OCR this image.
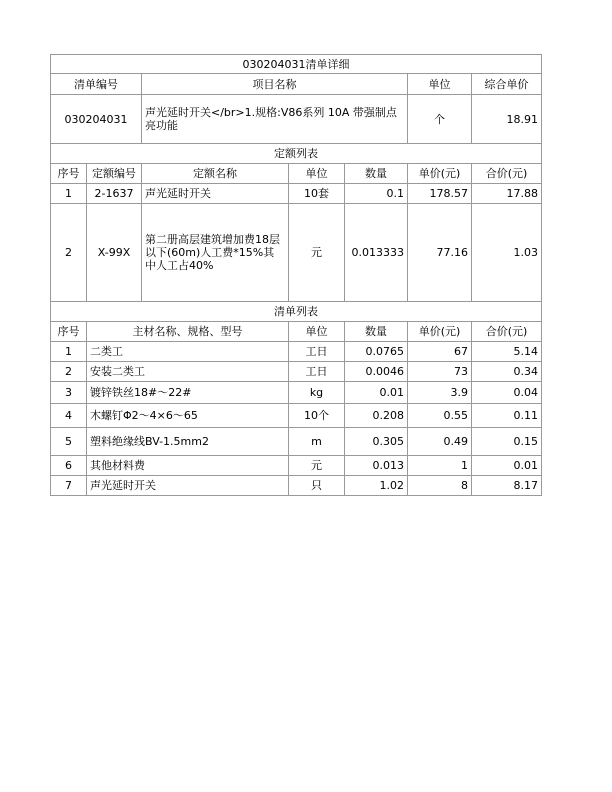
030204031清单详细						
清单编号		项目名称			单位	综合单价
030204031		声光延时开关</br>1.规格:V86系列 10A 带强制点亮功能			个	18.91
定额列表						
序号	定额编号	定额名称	单位	数量	单价(元)	合价(元)
1	2-1637	声光延时开关	10套	0.1	178.57	17.88
2	X-99X	第二册高层建筑增加费18层以下(60m)人工费*15%其中人工占40%	元	0.013333	77.16	1.03
清单列表						
序号	主材名称、规格、型号	单位	数量	单价(元)	合价(元)
1	二类工	工日	0.0765	67	5.14
2	安装二类工	工日	0.0046	73	0.34
3	镀锌铁丝18#～22#	kg	0.01	3.9	0.04
4	木螺钉Φ2～4×6～65	10个	0.208	0.55	0.11
5	塑料绝缘线BV-1.5mm2	m	0.305	0.49	0.15
6	其他材料费	元	0.013	1	0.01
7	声光延时开关	只	1.02	8	8.17
